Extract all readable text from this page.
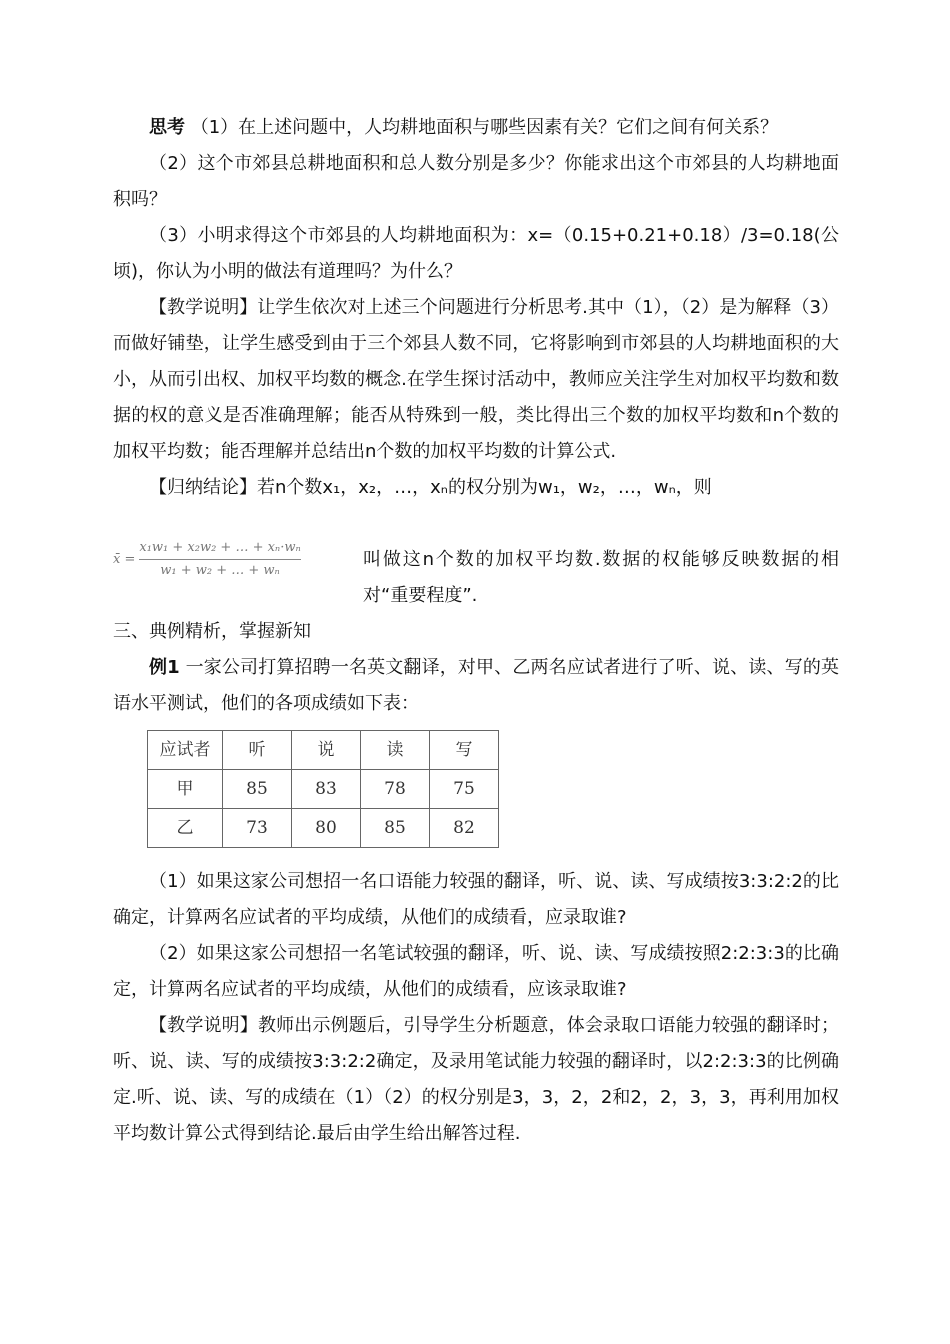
思考 （1）在上述问题中，人均耕地面积与哪些因素有关？它们之间有何关系？

（2）这个市郊县总耕地面积和总人数分别是多少？你能求出这个市郊县的人均耕地面积吗？

（3）小明求得这个市郊县的人均耕地面积为：x=（0.15+0.21+0.18）/3=0.18(公顷)，你认为小明的做法有道理吗？为什么？

【教学说明】让学生依次对上述三个问题进行分析思考.其中（1），（2）是为解释（3）而做好铺垫，让学生感受到由于三个郊县人数不同，它将影响到市郊县的人均耕地面积的大小，从而引出权、加权平均数的概念.在学生探讨活动中，教师应关注学生对加权平均数和数据的权的意义是否准确理解；能否从特殊到一般，类比得出三个数的加权平均数和n个数的加权平均数；能否理解并总结出n个数的加权平均数的计算公式.

【归纳结论】若n个数x₁，x₂，…，xₙ的权分别为w₁，w₂，…，wₙ，则

x̄ = $\frac{\text{x₁w₁ + x₂w₂ + … + xₙ·wₙ}}{\text{w₁ + w₂ + … + wₙ}}$	叫做这n个数的加权平均数.数据的权能够反映数据的相对“重要程度”.

三、典例精析，掌握新知

例1 一家公司打算招聘一名英文翻译，对甲、乙两名应试者进行了听、说、读、写的英语水平测试，他们的各项成绩如下表：

应试者	听	说	读	写
甲	85	83	78	75
乙	73	80	85	82

（1）如果这家公司想招一名口语能力较强的翻译，听、说、读、写成绩按3:3:2:2的比确定，计算两名应试者的平均成绩，从他们的成绩看，应录取谁?

（2）如果这家公司想招一名笔试较强的翻译，听、说、读、写成绩按照2:2:3:3的比确定，计算两名应试者的平均成绩，从他们的成绩看，应该录取谁?

【教学说明】教师出示例题后，引导学生分析题意，体会录取口语能力较强的翻译时；听、说、读、写的成绩按3:3:2:2确定，及录用笔试能力较强的翻译时，以2:2:3:3的比例确定.听、说、读、写的成绩在（1）（2）的权分别是3，3，2，2和2，2，3，3，再利用加权平均数计算公式得到结论.最后由学生给出解答过程.
